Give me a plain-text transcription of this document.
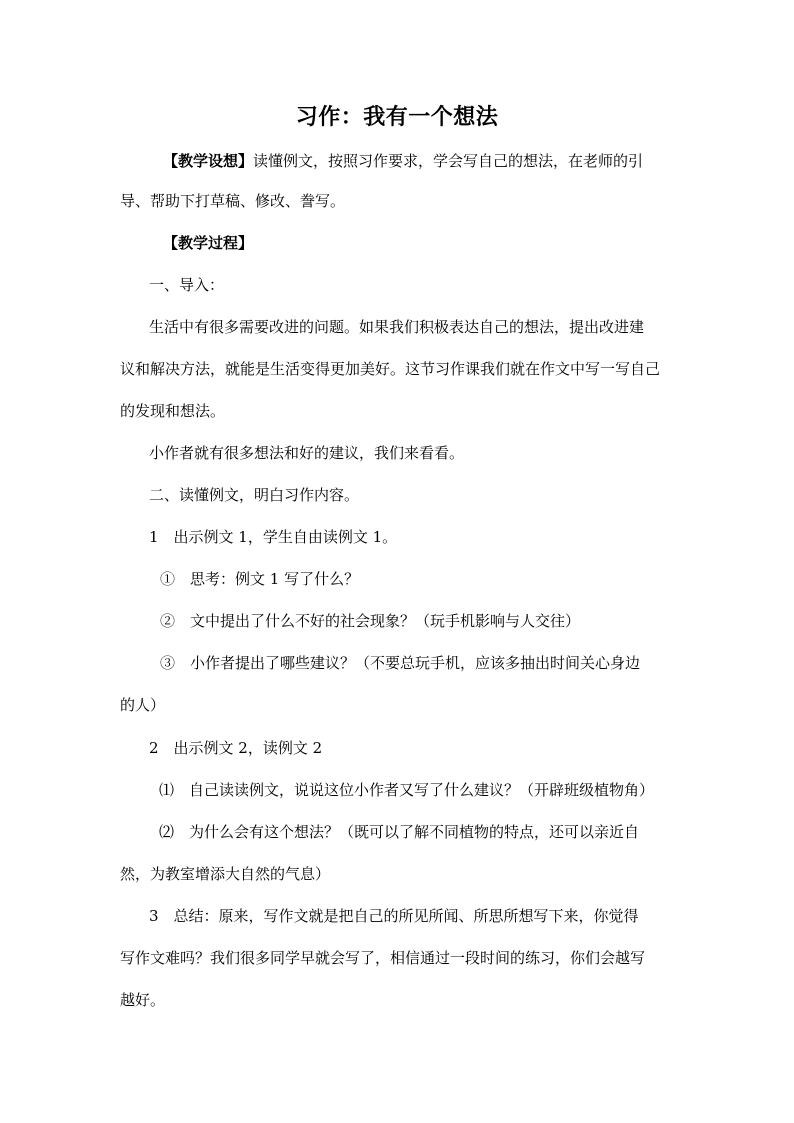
习作：我有一个想法
【教学设想】读懂例文，按照习作要求，学会写自己的想法，在老师的引
导、帮助下打草稿、修改、誊写。
【教学过程】
一、导入：
生活中有很多需要改进的问题。如果我们积极表达自己的想法，提出改进建
议和解决方法，就能是生活变得更加美好。这节习作课我们就在作文中写一写自己
的发现和想法。
小作者就有很多想法和好的建议，我们来看看。
二、读懂例文，明白习作内容。
1　出示例文 1，学生自由读例文 1。
①　思考：例文 1 写了什么？
②　文中提出了什么不好的社会现象？（玩手机影响与人交往）
③　小作者提出了哪些建议？（不要总玩手机，应该多抽出时间关心身边
的人）
2　出示例文 2，读例文 2
⑴　自己读读例文，说说这位小作者又写了什么建议？（开辟班级植物角）
⑵　为什么会有这个想法？（既可以了解不同植物的特点，还可以亲近自
然，为教室增添大自然的气息）
3　总结：原来，写作文就是把自己的所见所闻、所思所想写下来，你觉得
写作文难吗？我们很多同学早就会写了，相信通过一段时间的练习，你们会越写
越好。
